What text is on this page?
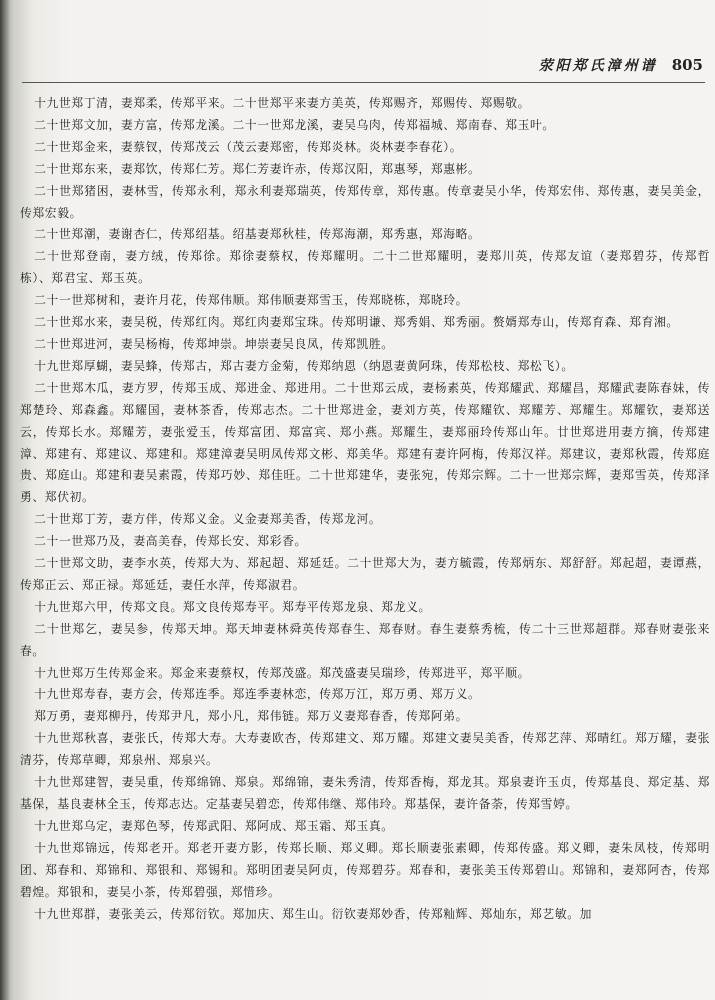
荥阳郑氏漳州谱 805

十九世郑丁清，妻郑柔，传郑平来。二十世郑平来妻方美英，传郑赐齐，郑赐传、郑赐敬。

二十世郑文加，妻方富，传郑龙溪。二十一世郑龙溪，妻吴乌肉，传郑福城、郑南春、郑玉叶。

二十世郑金来，妻蔡钗，传郑茂云（茂云妻郑密，传郑炎林。炎林妻李春花）。

二十世郑东来，妻郑饮，传郑仁芳。郑仁芳妻许赤，传郑汉阳，郑惠琴，郑惠彬。

二十世郑猪困，妻林雪，传郑永利，郑永利妻郑瑞英，传郑传章，郑传惠。传章妻吴小华，传郑宏伟、郑传惠，妻吴美金，传郑宏毅。

二十世郑潮，妻谢杏仁，传郑绍基。绍基妻郑秋桂，传郑海潮，郑秀惠，郑海略。

二十世郑登南，妻方绒，传郑徐。郑徐妻蔡权，传郑耀明。二十二世郑耀明，妻郑川英，传郑友谊（妻郑碧芬，传郑哲栋）、郑君宝、郑玉英。

二十一世郑树和，妻许月花，传郑伟顺。郑伟顺妻郑雪玉，传郑晓栋，郑晓玲。

二十世郑水来，妻吴税，传郑红肉。郑红肉妻郑宝珠。传郑明谦、郑秀娟、郑秀丽。赘婿郑寿山，传郑育森、郑育湘。

二十世郑进河，妻吴杨梅，传郑坤崇。坤崇妻吴良凤，传郑凯胜。

十九世郑厚蝴，妻吴蜂，传郑古，郑古妻方金菊，传郑纳恩（纳恩妻黄阿珠，传郑松枝、郑松飞）。

二十世郑木瓜，妻方罗，传郑玉成、郑进金、郑进用。二十世郑云成，妻杨素英，传郑耀武、郑耀昌，郑耀武妻陈春妹，传郑楚玲、郑森鑫。郑耀国，妻林茶香，传郑志杰。二十世郑进金，妻刘方英，传郑耀钦、郑耀芳、郑耀生。郑耀钦，妻郑送云，传郑长水。郑耀芳，妻张爱玉，传郑富团、郑富宾、郑小燕。郑耀生，妻郑丽玲传郑山年。廿世郑进用妻方摘，传郑建漳、郑建有、郑建议、郑建和。郑建漳妻吴明凤传郑文彬、郑美华。郑建有妻许阿梅，传郑汉祥。郑建议，妻郑秋霞，传郑庭贵、郑庭山。郑建和妻吴素霞，传郑巧妙、郑佳旺。二十世郑建华，妻张宛，传郑宗辉。二十一世郑宗辉，妻郑雪英，传郑泽勇、郑伏初。

二十世郑丁芳，妻方伴，传郑义金。义金妻郑美香，传郑龙河。

二十一世郑乃及，妻高美春，传郑长安、郑彩香。

二十世郑文助，妻李水英，传郑大为、郑起超、郑延廷。二十世郑大为，妻方毓霞，传郑炳东、郑舒舒。郑起超，妻谭燕，传郑正云、郑正禄。郑延廷，妻任水萍，传郑淑君。

十九世郑六甲，传郑文良。郑文良传郑寿平。郑寿平传郑龙泉、郑龙义。

二十世郑乞，妻吴参，传郑天坤。郑天坤妻林舜英传郑春生、郑春财。春生妻蔡秀梳，传二十三世郑超群。郑春财妻张来春。

十九世郑万生传郑金来。郑金来妻蔡权，传郑茂盛。郑茂盛妻吴瑞珍，传郑进平，郑平顺。

十九世郑寿春，妻方会，传郑连季。郑连季妻林恋，传郑万江，郑万勇、郑万义。

郑万勇，妻郑柳丹，传郑尹凡，郑小凡，郑伟链。郑万义妻郑春香，传郑阿弟。

十九世郑秋喜，妻张氏，传郑大寿。大寿妻欧杏，传郑建文、郑万耀。郑建文妻吴美香，传郑艺萍、郑晴红。郑万耀，妻张清芬，传郑草卿，郑泉州、郑泉兴。

十九世郑建智，妻吴重，传郑绵锦、郑泉。郑绵锦，妻朱秀清，传郑香梅，郑龙其。郑泉妻许玉贞，传郑基良、郑定基、郑基保，基良妻林全玉，传郑志达。定基妻吴碧恋，传郑伟继、郑伟玲。郑基保，妻许备荼，传郑雪婷。

十九世郑乌定，妻郑色琴，传郑武阳、郑阿成、郑玉霜、郑玉真。

十九世郑锦远，传郑老开。郑老开妻方影，传郑长顺、郑义卿。郑长顺妻张素卿，传郑传盛。郑义卿，妻朱凤枝，传郑明团、郑春和、郑锦和、郑银和、郑锡和。郑明团妻吴阿贞，传郑碧芬。郑春和，妻张美玉传郑碧山。郑锦和，妻郑阿杏，传郑碧煌。郑银和，妻吴小茶，传郑碧强，郑惜珍。

十九世郑群，妻张美云，传郑衍钦。郑加庆、郑生山。衍钦妻郑妙香，传郑籼辉、郑灿东，郑艺敏。加
